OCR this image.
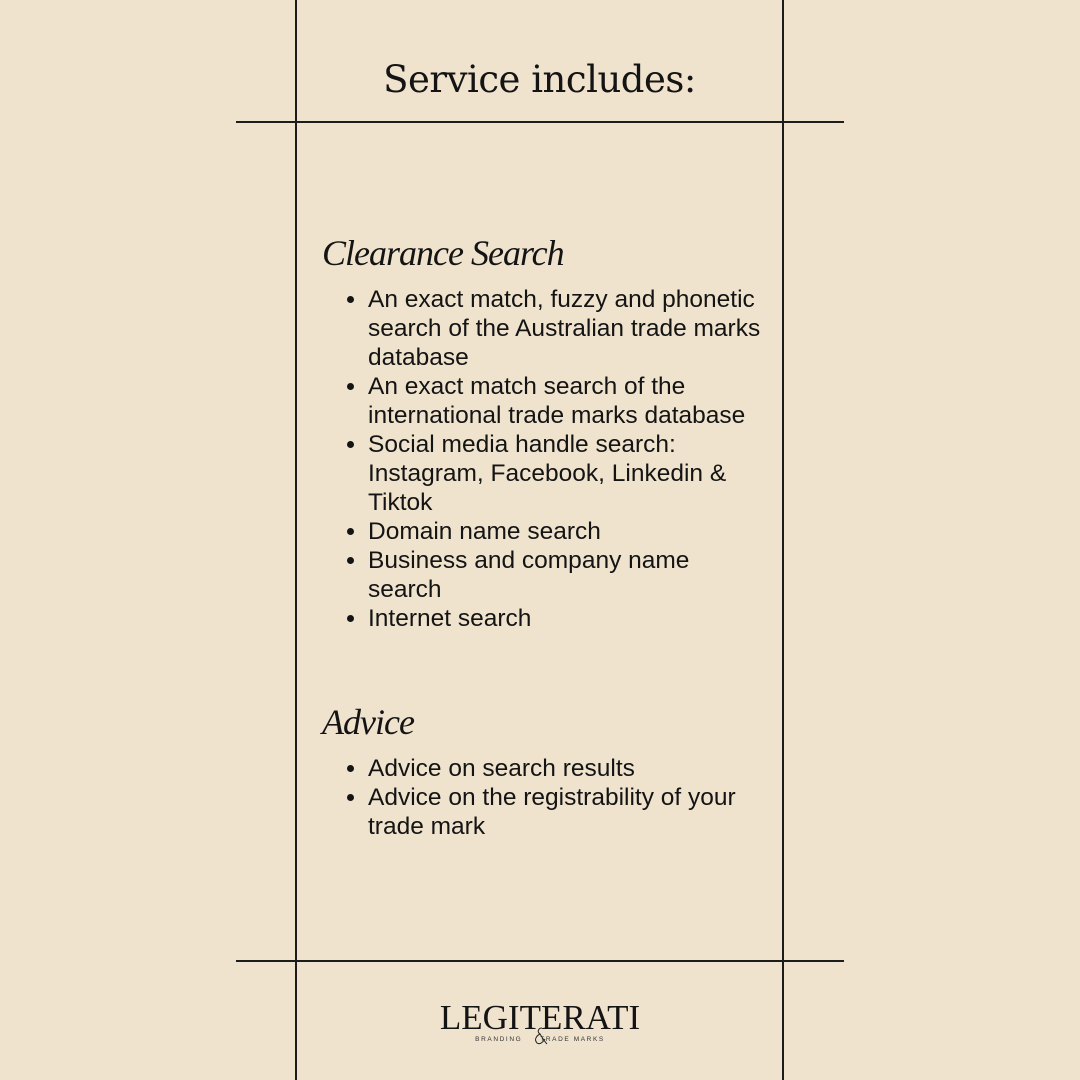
Service includes:
Clearance Search
• An exact match, fuzzy and phonetic search of the Australian trade marks database
• An exact match search of the international trade marks database
• Social media handle search: Instagram, Facebook, Linkedin & Tiktok
• Domain name search
• Business and company name search
• Internet search
Advice
• Advice on search results
• Advice on the registrability of your trade mark
LEGITERATI
BRANDING	TRADE MARKS
